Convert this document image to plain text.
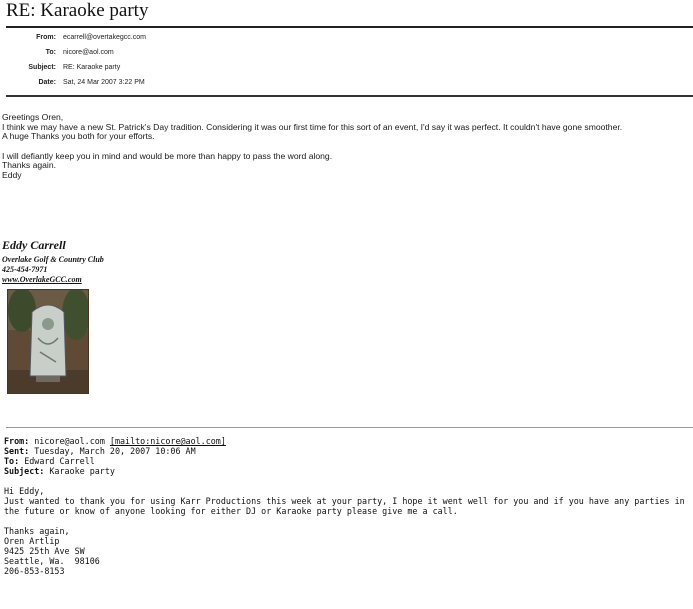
RE: Karaoke party
From: ecarrell@overtakegcc.com
To: nicore@aol.com
Subject: RE: Karaoke party
Date: Sat, 24 Mar 2007 3:22 PM

Greetings Oren,

I think we may have a new St. Patrick's Day tradition. Considering it was our first time for this sort of an event, I'd say it was perfect. It couldn't have gone smoother.

A huge Thanks you both for your efforts.

I will defiantly keep you in mind and would be more than happy to pass the word along.

Thanks again.

Eddy

Eddy Carrell
Overlake Golf & Country Club
425-454-7971
www.OverlakeGCC.com

From: nicore@aol.com [mailto:nicore@aol.com]

Sent: Tuesday, March 20, 2007 10:06 AM

To: Edward Carrell

Subject: Karaoke party

Hi Eddy,

Just wanted to thank you for using Karr Productions this week at your party, I hope it went well for you and if you have any parties in the future or know of anyone looking for either DJ or Karaoke party please give me a call.

Thanks again,

Oren Artlip

9425 25th Ave SW

Seattle, Wa.  98106

206-853-8153
